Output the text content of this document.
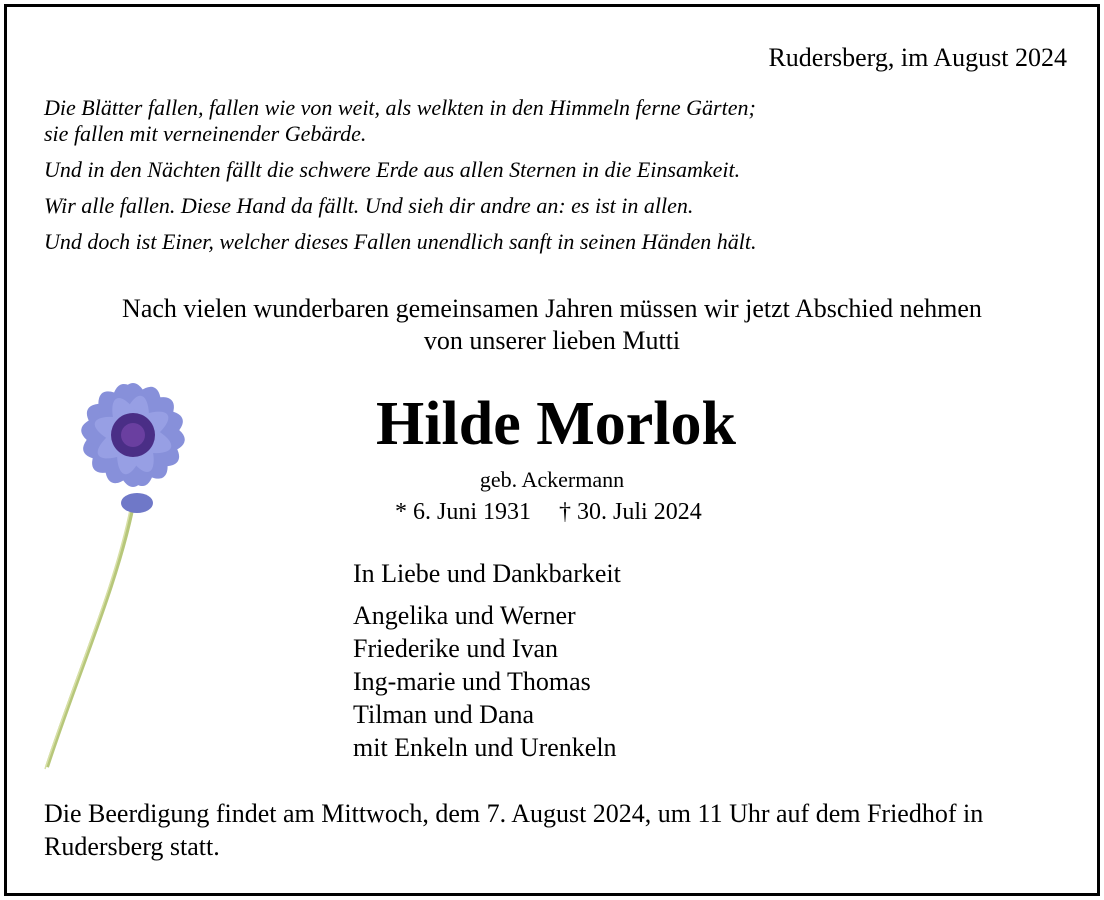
Rudersberg, im August 2024
Die Blätter fallen, fallen wie von weit, als welkten in den Himmeln ferne Gärten;
sie fallen mit verneinender Gebärde.
Und in den Nächten fällt die schwere Erde aus allen Sternen in die Einsamkeit.
Wir alle fallen. Diese Hand da fällt. Und sieh dir andre an: es ist in allen.
Und doch ist Einer, welcher dieses Fallen unendlich sanft in seinen Händen hält.
Nach vielen wunderbaren gemeinsamen Jahren müssen wir jetzt Abschied nehmen
von unserer lieben Mutti
Hilde Morlok
geb. Ackermann
* 6. Juni 1931 † 30. Juli 2024
In Liebe und Dankbarkeit
Angelika und Werner
Friederike und Ivan
Ing-marie und Thomas
Tilman und Dana
mit Enkeln und Urenkeln
Die Beerdigung findet am Mittwoch, dem 7. August 2024, um 11 Uhr auf dem Friedhof in Rudersberg statt.
